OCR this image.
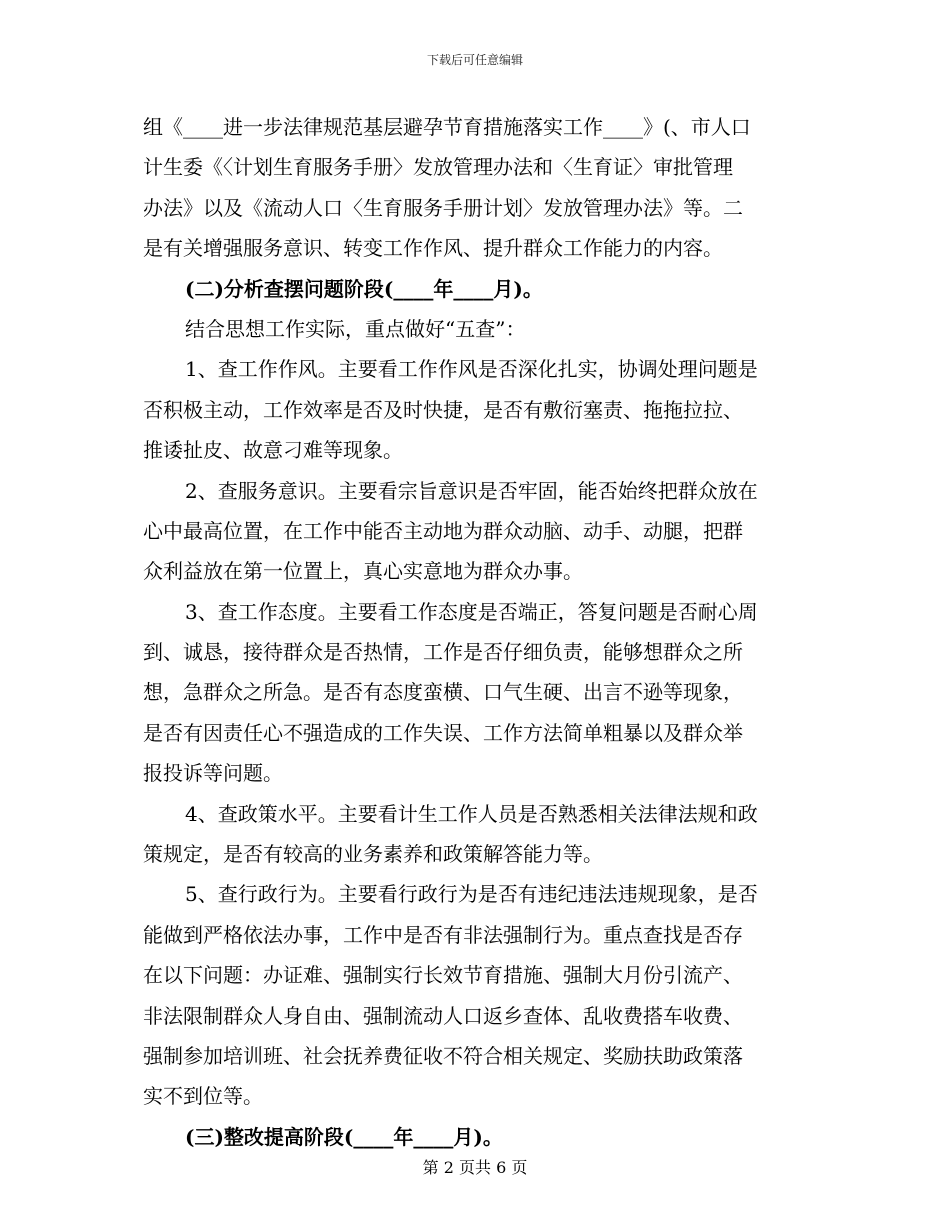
下载后可任意编辑
组《____进一步法律规范基层避孕节育措施落实工作____》(、市人口
计生委《〈计划生育服务手册〉发放管理办法和〈生育证〉审批管理
办法》以及《流动人口〈生育服务手册计划〉发放管理办法》等。二
是有关增强服务意识、转变工作作风、提升群众工作能力的内容。
(二)分析查摆问题阶段(____年____月)。
结合思想工作实际，重点做好“五查”：
1、查工作作风。主要看工作作风是否深化扎实，协调处理问题是
否积极主动，工作效率是否及时快捷，是否有敷衍塞责、拖拖拉拉、
推诿扯皮、故意刁难等现象。
2、查服务意识。主要看宗旨意识是否牢固，能否始终把群众放在
心中最高位置，在工作中能否主动地为群众动脑、动手、动腿，把群
众利益放在第一位置上，真心实意地为群众办事。
3、查工作态度。主要看工作态度是否端正，答复问题是否耐心周
到、诚恳，接待群众是否热情，工作是否仔细负责，能够想群众之所
想，急群众之所急。是否有态度蛮横、口气生硬、出言不逊等现象，
是否有因责任心不强造成的工作失误、工作方法简单粗暴以及群众举
报投诉等问题。
4、查政策水平。主要看计生工作人员是否熟悉相关法律法规和政
策规定，是否有较高的业务素养和政策解答能力等。
5、查行政行为。主要看行政行为是否有违纪违法违规现象，是否
能做到严格依法办事，工作中是否有非法强制行为。重点查找是否存
在以下问题：办证难、强制实行长效节育措施、强制大月份引流产、
非法限制群众人身自由、强制流动人口返乡查体、乱收费搭车收费、
强制参加培训班、社会抚养费征收不符合相关规定、奖励扶助政策落
实不到位等。
(三)整改提高阶段(____年____月)。
第 2 页共 6 页
